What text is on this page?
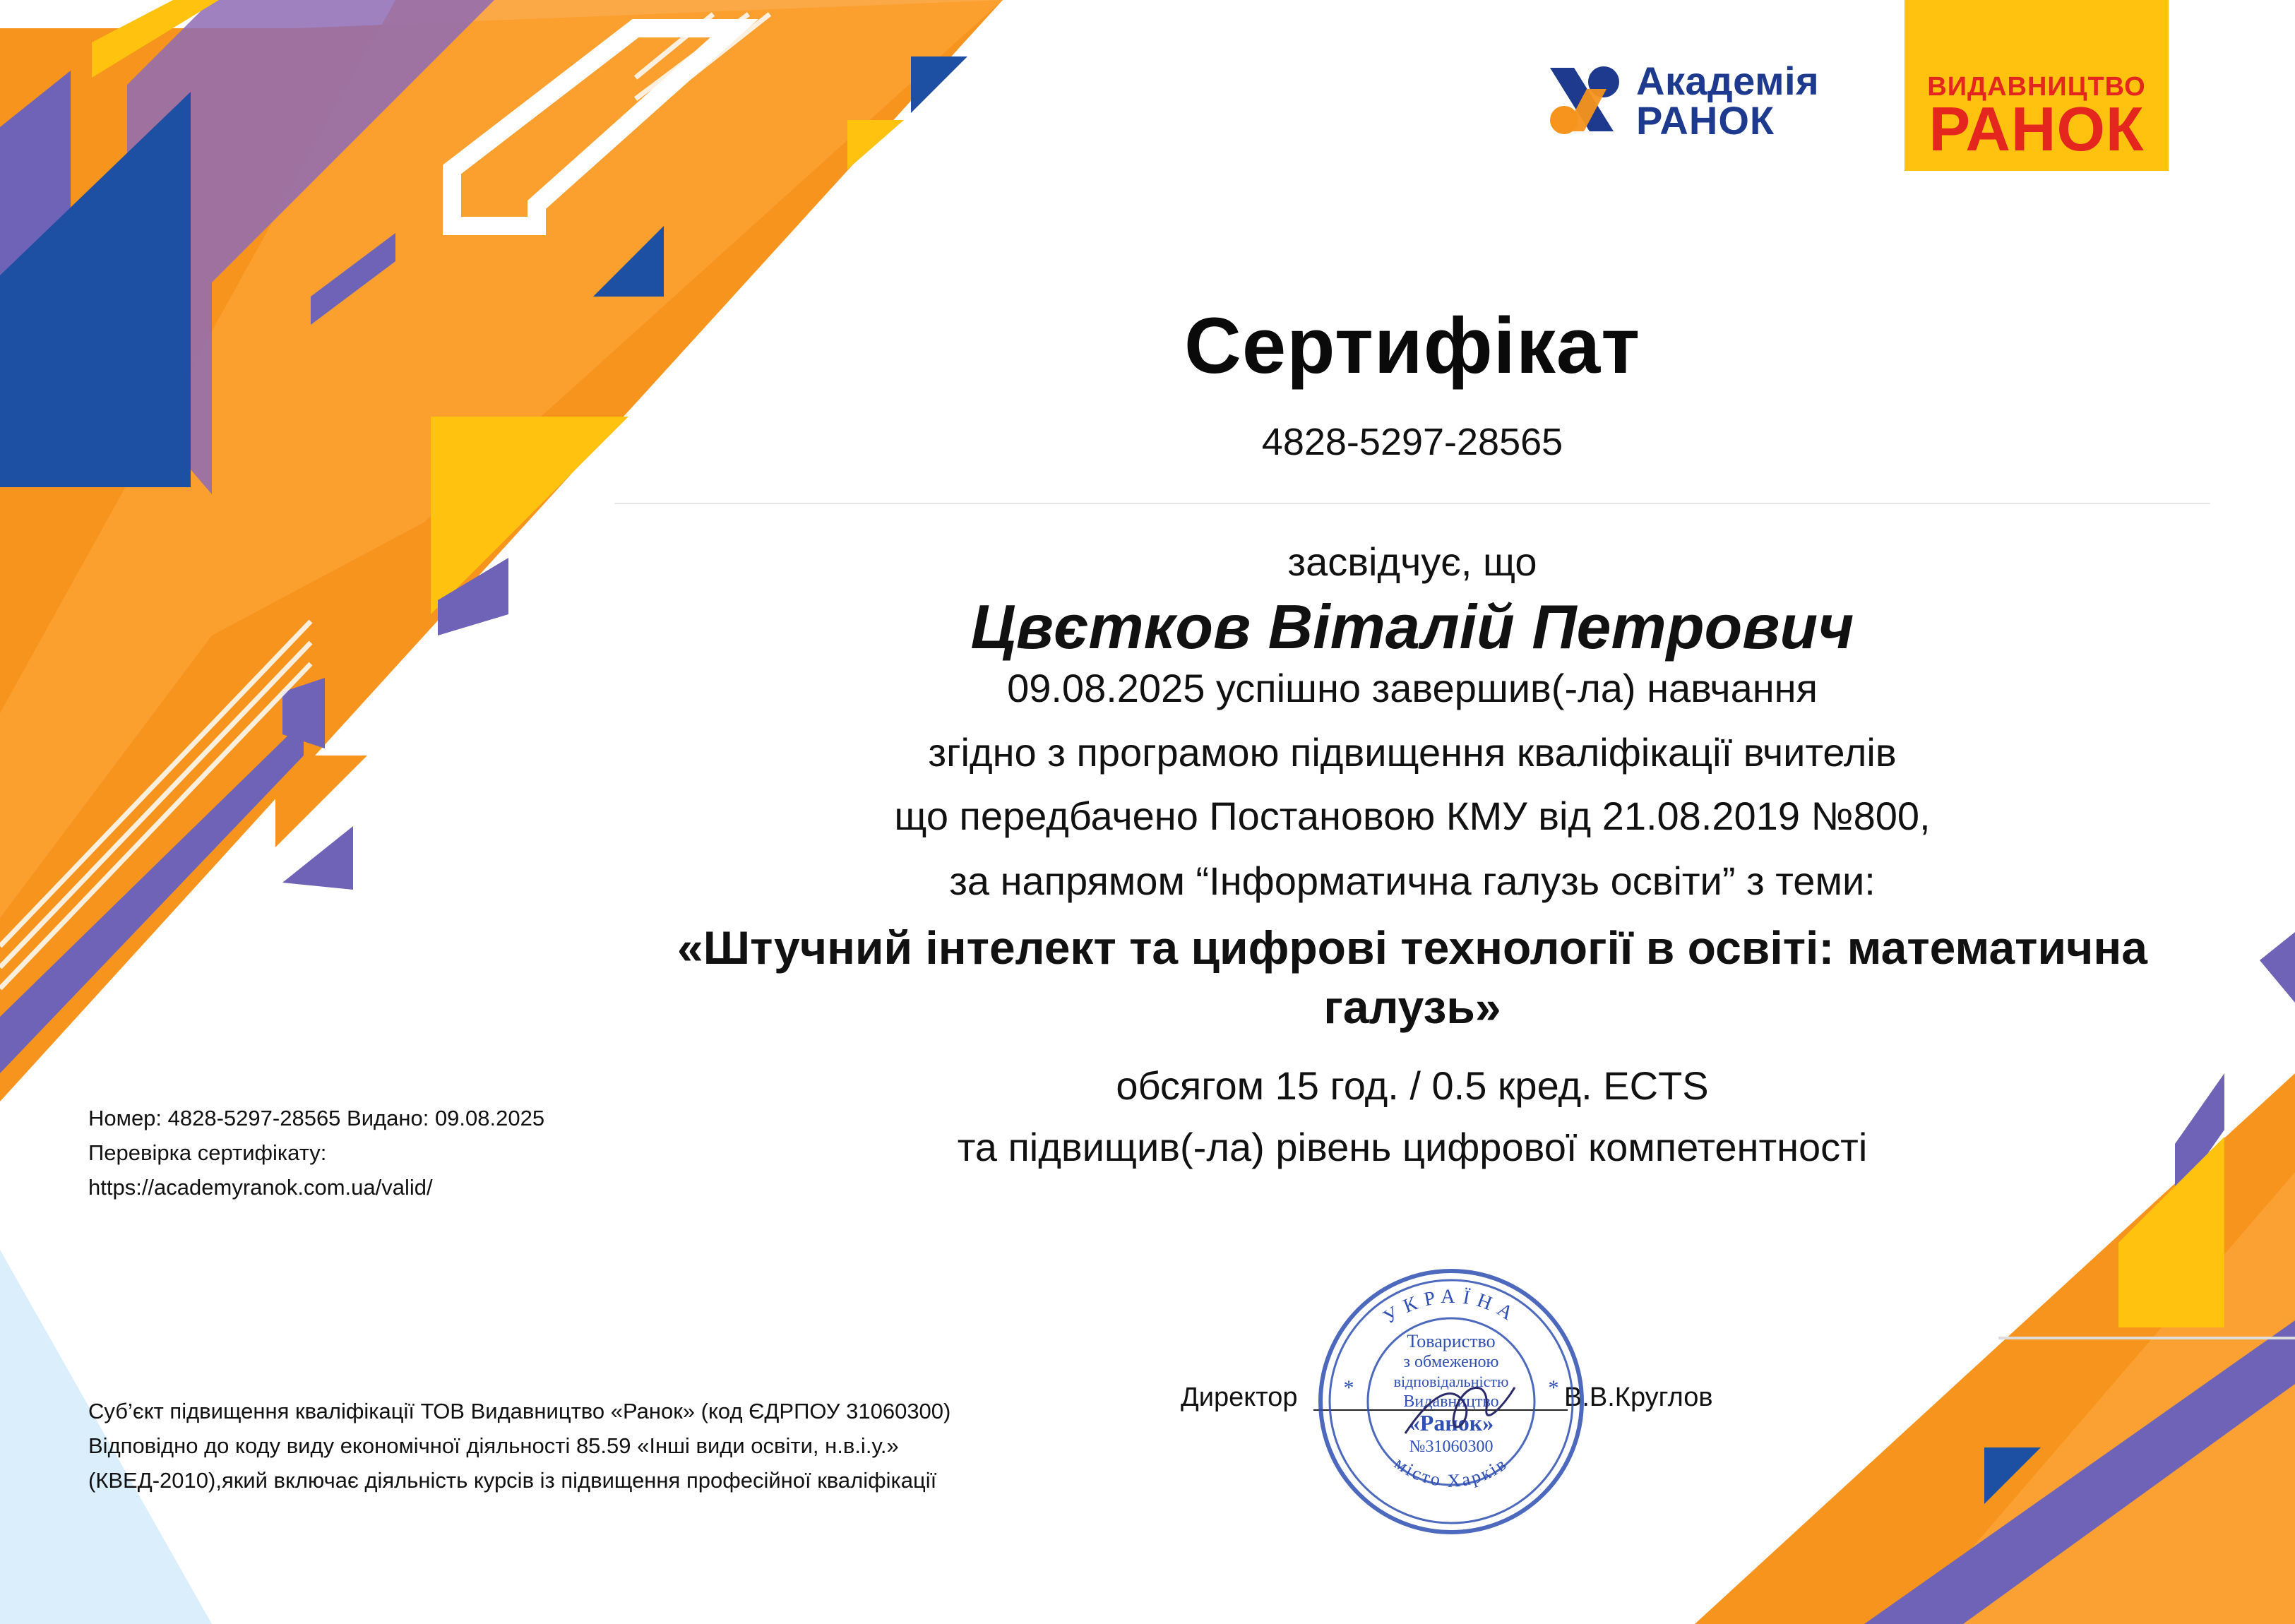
Академія
РАНОК
ВИДАВНИЦТВО
РАНОК
Сертифікат
4828-5297-28565
засвідчує, що
Цвєтков Віталій Петрович
09.08.2025 успішно завершив(-ла) навчання
згідно з програмою підвищення кваліфікації вчителів
що передбачено Постановою КМУ від 21.08.2019 №800,
за напрямом “Інформатична галузь освіти” з теми:
«Штучний інтелект та цифрові технології в освіті: математична
галузь»
обсягом 15 год. / 0.5 кред. ECTS
та підвищив(-ла) рівень цифрової компетентності
Номер: 4828-5297-28565 Видано: 09.08.2025
Перевірка сертифікату:
https://academyranok.com.ua/valid/
Суб’єкт підвищення кваліфікації ТОВ Видавництво «Ранок» (код ЄДРПОУ 31060300)
Відповідно до коду виду економічної діяльності 85.59 «Інші види освіти, н.в.і.у.»
(КВЕД-2010),який включає діяльність курсів із підвищення професійної кваліфікації
Директор	В.В.Круглов
УКРАЇНА
місто Харків
Товариство
з обмеженою
відповідальністю
Видавництво
«Ранок»
№31060300
*	*
